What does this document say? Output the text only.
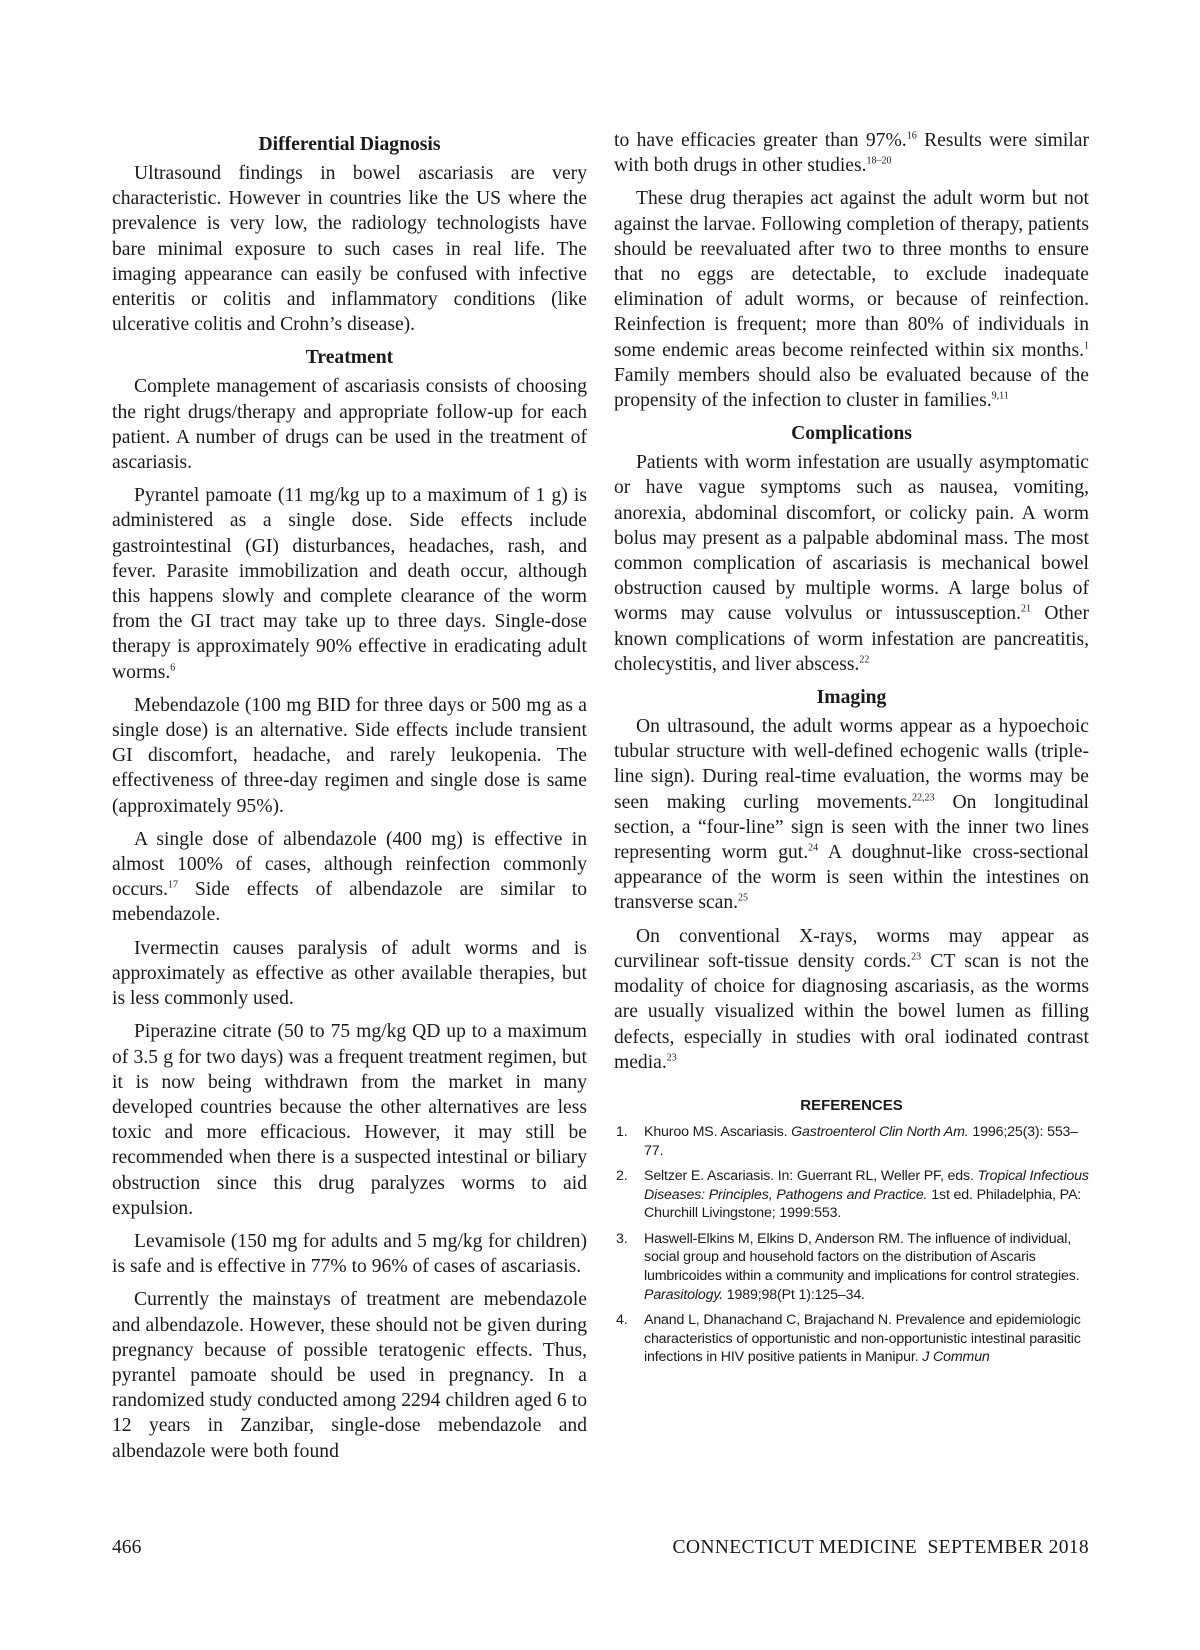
Differential Diagnosis

Ultrasound findings in bowel ascariasis are very characteristic. However in countries like the US where the prevalence is very low, the radiology technologists have bare minimal exposure to such cases in real life. The imaging appearance can easily be confused with infective enteritis or colitis and inflammatory conditions (like ulcerative colitis and Crohn’s disease).

Treatment

Complete management of ascariasis consists of choosing the right drugs/therapy and appropriate follow-up for each patient. A number of drugs can be used in the treatment of ascariasis.

Pyrantel pamoate (11 mg/kg up to a maximum of 1 g) is administered as a single dose. Side effects include gastrointestinal (GI) disturbances, headaches, rash, and fever. Parasite immobilization and death occur, although this happens slowly and complete clearance of the worm from the GI tract may take up to three days. Single-dose therapy is approximately 90% effective in eradicating adult worms.$^6$

Mebendazole (100 mg BID for three days or 500 mg as a single dose) is an alternative. Side effects include transient GI discomfort, headache, and rarely leukopenia. The effectiveness of three-day regimen and single dose is same (approximately 95%).

A single dose of albendazole (400 mg) is effective in almost 100% of cases, although reinfection commonly occurs.$^{17}$ Side effects of albendazole are similar to mebendazole.

Ivermectin causes paralysis of adult worms and is approximately as effective as other available therapies, but is less commonly used.

Piperazine citrate (50 to 75 mg/kg QD up to a maximum of 3.5 g for two days) was a frequent treatment regimen, but it is now being withdrawn from the market in many developed countries because the other alternatives are less toxic and more efficacious. However, it may still be recommended when there is a suspected intestinal or biliary obstruction since this drug paralyzes worms to aid expulsion.

Levamisole (150 mg for adults and 5 mg/kg for children) is safe and is effective in 77% to 96% of cases of ascariasis.

Currently the mainstays of treatment are mebendazole and albendazole. However, these should not be given during pregnancy because of possible teratogenic effects. Thus, pyrantel pamoate should be used in pregnancy. In a randomized study conducted among 2294 children aged 6 to 12 years in Zanzibar, single-dose mebendazole and albendazole were both found

to have efficacies greater than 97%.$^{16}$ Results were similar with both drugs in other studies.$^{18-20}$

These drug therapies act against the adult worm but not against the larvae. Following completion of therapy, patients should be reevaluated after two to three months to ensure that no eggs are detectable, to exclude inadequate elimination of adult worms, or because of reinfection. Reinfection is frequent; more than 80% of individuals in some endemic areas become reinfected within six months.$^1$ Family members should also be evaluated because of the propensity of the infection to cluster in families.$^{9,11}$

Complications

Patients with worm infestation are usually asymptomatic or have vague symptoms such as nausea, vomiting, anorexia, abdominal discomfort, or colicky pain. A worm bolus may present as a palpable abdominal mass. The most common complication of ascariasis is mechanical bowel obstruction caused by multiple worms. A large bolus of worms may cause volvulus or intussusception.$^{21}$ Other known complications of worm infestation are pancreatitis, cholecystitis, and liver abscess.$^{22}$

Imaging

On ultrasound, the adult worms appear as a hypoechoic tubular structure with well-defined echogenic walls (triple-line sign). During real-time evaluation, the worms may be seen making curling movements.$^{22,23}$ On longitudinal section, a “four-line” sign is seen with the inner two lines representing worm gut.$^{24}$ A doughnut-like cross-sectional appearance of the worm is seen within the intestines on transverse scan.$^{25}$

On conventional X-rays, worms may appear as curvilinear soft-tissue density cords.$^{23}$ CT scan is not the modality of choice for diagnosing ascariasis, as the worms are usually visualized within the bowel lumen as filling defects, especially in studies with oral iodinated contrast media.$^{23}$

REFERENCES
1. Khuroo MS. Ascariasis. Gastroenterol Clin North Am. 1996;25(3): 553–77.
2. Seltzer E. Ascariasis. In: Guerrant RL, Weller PF, eds. Tropical Infectious Diseases: Principles, Pathogens and Practice. 1st ed. Philadelphia, PA: Churchill Livingstone; 1999:553.
3. Haswell-Elkins M, Elkins D, Anderson RM. The influence of individual, social group and household factors on the distribution of Ascaris lumbricoides within a community and implications for control strategies. Parasitology. 1989;98(Pt 1):125–34.
4. Anand L, Dhanachand C, Brajachand N. Prevalence and epidemiologic characteristics of opportunistic and non-opportunistic intestinal parasitic infections in HIV positive patients in Manipur. J Commun
466	CONNECTICUT MEDICINE  SEPTEMBER 2018
